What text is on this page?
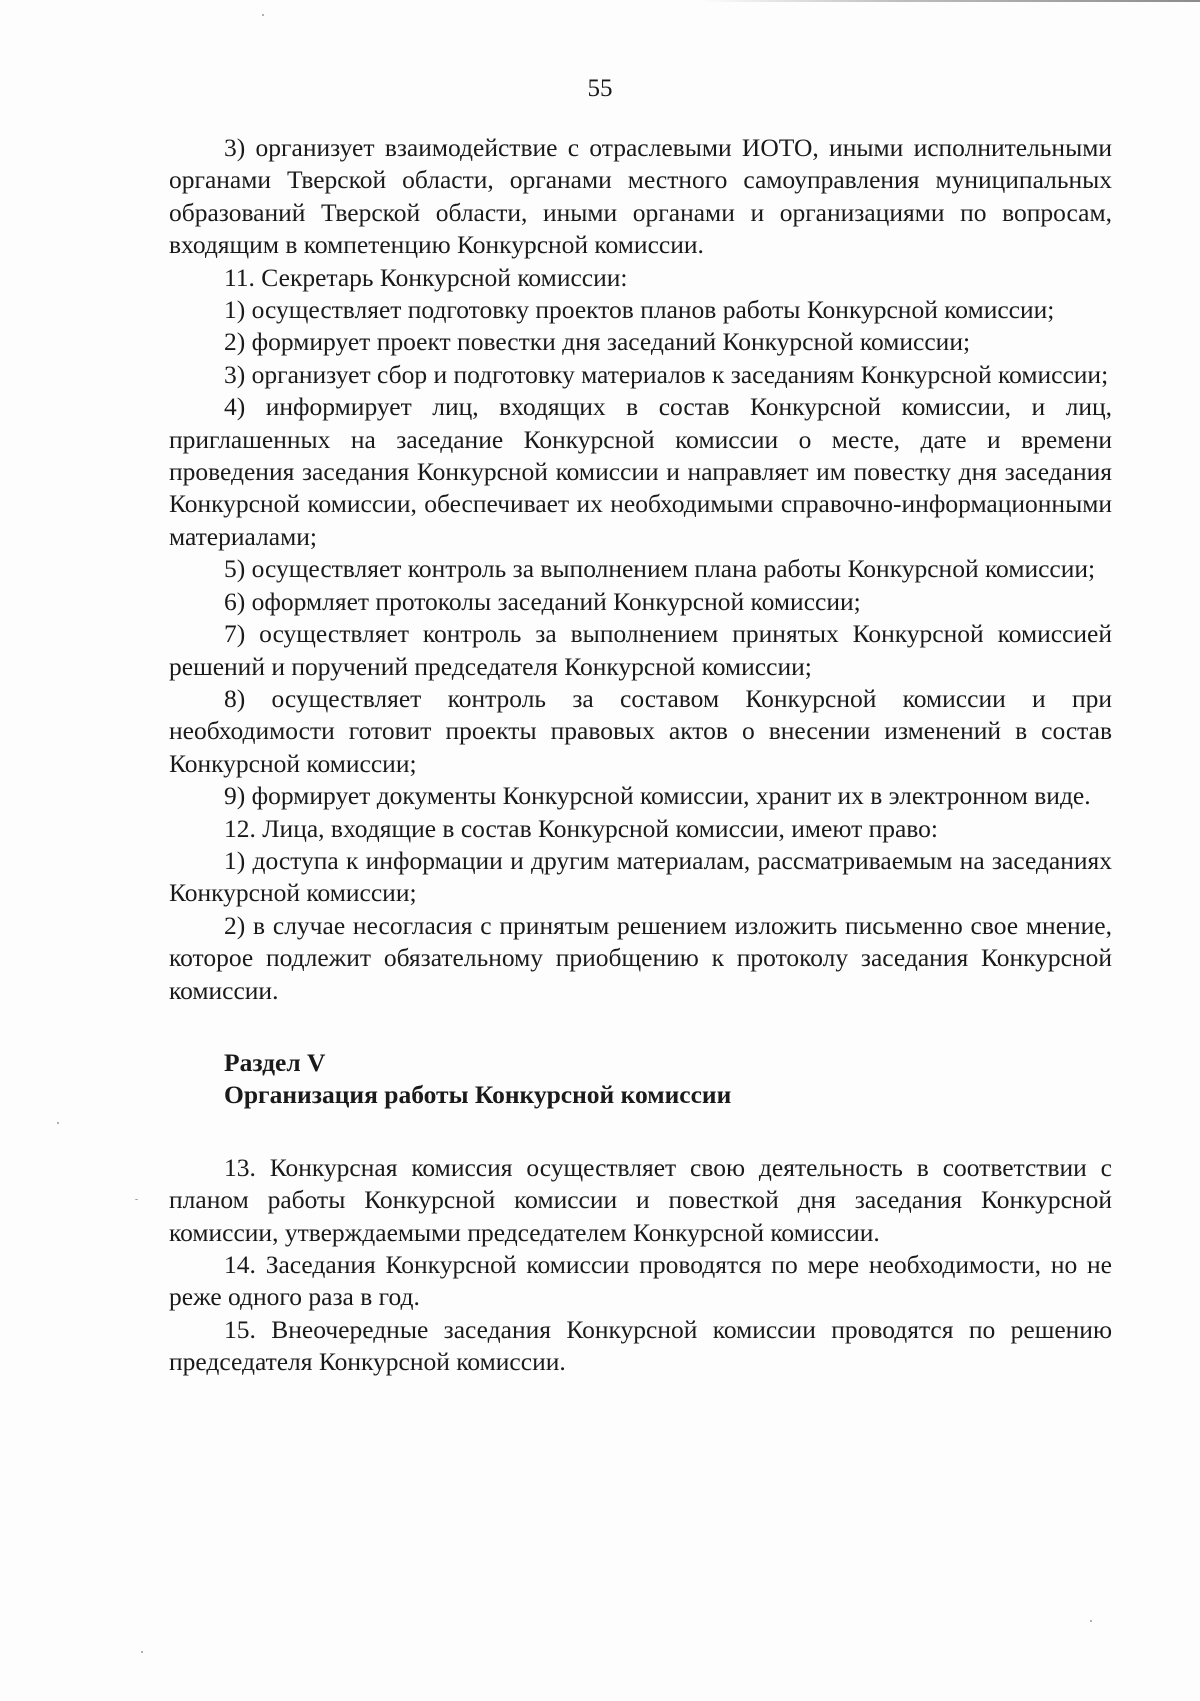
55

3) организует взаимодействие с отраслевыми ИОТО, иными исполнительными органами Тверской области, органами местного самоуправления муниципальных образований Тверской области, иными органами и организациями по вопросам, входящим в компетенцию Конкурсной комиссии.

11. Секретарь Конкурсной комиссии:

1) осуществляет подготовку проектов планов работы Конкурсной комиссии;

2) формирует проект повестки дня заседаний Конкурсной комиссии;

3) организует сбор и подготовку материалов к заседаниям Конкурсной комиссии;

4) информирует лиц, входящих в состав Конкурсной комиссии, и лиц, приглашенных на заседание Конкурсной комиссии о месте, дате и времени проведения заседания Конкурсной комиссии и направляет им повестку дня заседания Конкурсной комиссии, обеспечивает их необходимыми справочно-информационными материалами;

5) осуществляет контроль за выполнением плана работы Конкурсной комиссии;

6) оформляет протоколы заседаний Конкурсной комиссии;

7) осуществляет контроль за выполнением принятых Конкурсной комиссией решений и поручений председателя Конкурсной комиссии;

8) осуществляет контроль за составом Конкурсной комиссии и при необходимости готовит проекты правовых актов о внесении изменений в состав Конкурсной комиссии;

9) формирует документы Конкурсной комиссии, хранит их в электронном виде.

12. Лица, входящие в состав Конкурсной комиссии, имеют право:

1) доступа к информации и другим материалам, рассматриваемым на заседаниях Конкурсной комиссии;

2) в случае несогласия с принятым решением изложить письменно свое мнение, которое подлежит обязательному приобщению к протоколу заседания Конкурсной комиссии.

Раздел V

Организация работы Конкурсной комиссии

13. Конкурсная комиссия осуществляет свою деятельность в соответствии с планом работы Конкурсной комиссии и повесткой дня заседания Конкурсной комиссии, утверждаемыми председателем Конкурсной комиссии.

14. Заседания Конкурсной комиссии проводятся по мере необходимости, но не реже одного раза в год.

15. Внеочередные заседания Конкурсной комиссии проводятся по решению председателя Конкурсной комиссии.
